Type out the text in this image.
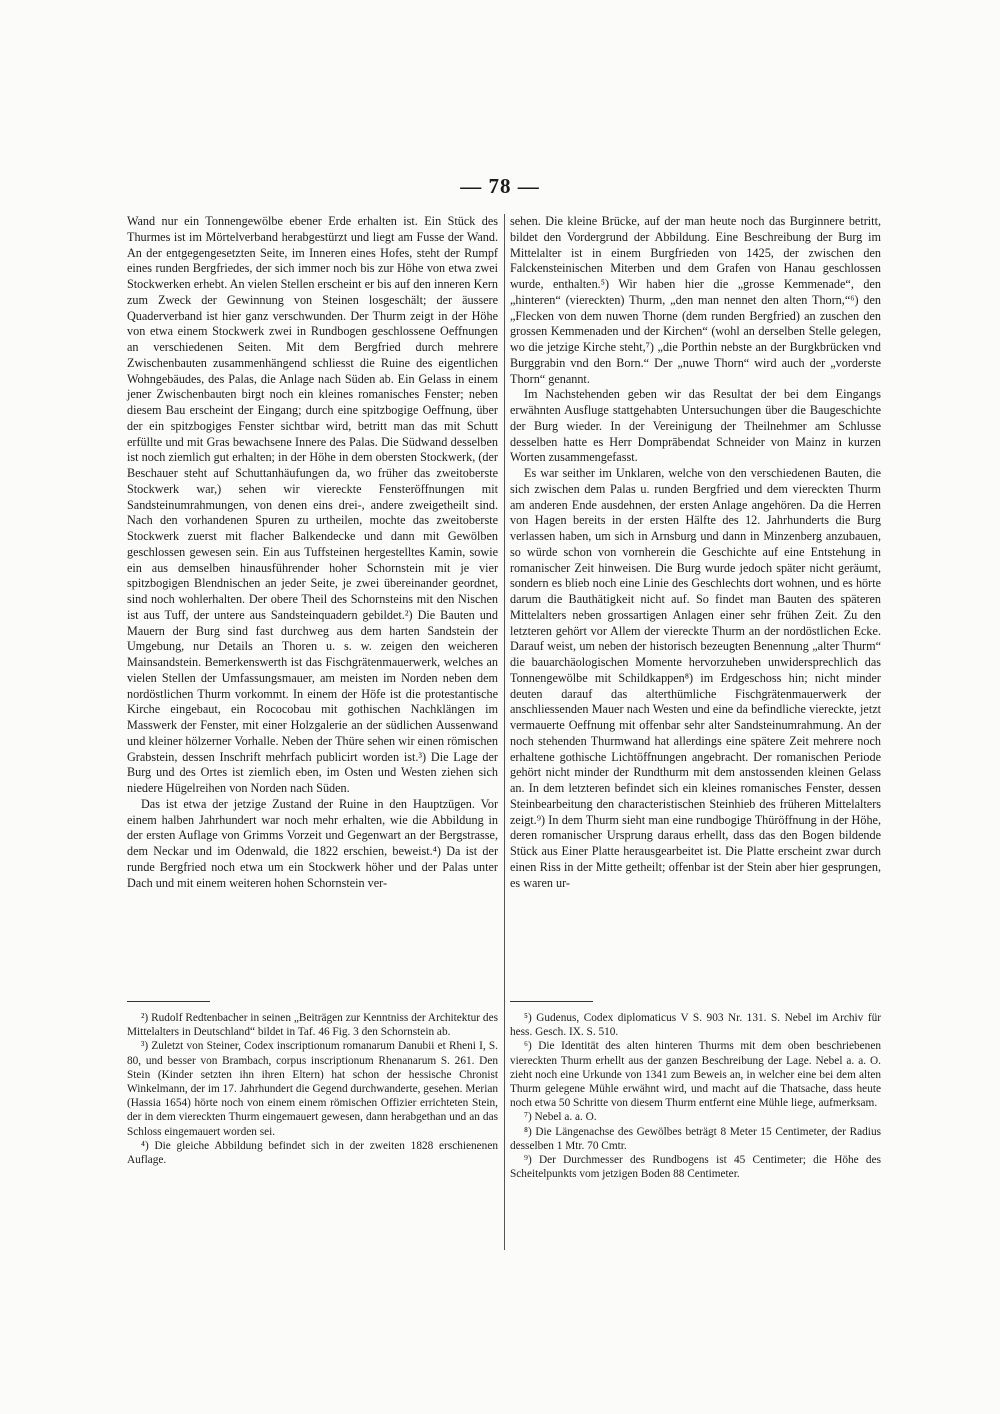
— 78 —

Wand nur ein Tonnengewölbe ebener Erde erhalten ist. Ein Stück des Thurmes ist im Mörtelverband herabgestürzt und liegt am Fusse der Wand. An der entgegengesetzten Seite, im Inneren eines Hofes, steht der Rumpf eines runden Bergfriedes, der sich immer noch bis zur Höhe von etwa zwei Stockwerken erhebt. An vielen Stellen erscheint er bis auf den inneren Kern zum Zweck der Gewinnung von Steinen losgeschält; der äussere Quaderverband ist hier ganz verschwunden. Der Thurm zeigt in der Höhe von etwa einem Stockwerk zwei in Rundbogen geschlossene Oeffnungen an verschiedenen Seiten. Mit dem Bergfried durch mehrere Zwischenbauten zusammenhängend schliesst die Ruine des eigentlichen Wohngebäudes, des Palas, die Anlage nach Süden ab. Ein Gelass in einem jener Zwischenbauten birgt noch ein kleines romanisches Fenster; neben diesem Bau erscheint der Eingang; durch eine spitzbogige Oeffnung, über der ein spitzbogiges Fenster sichtbar wird, betritt man das mit Schutt erfüllte und mit Gras bewachsene Innere des Palas. Die Südwand desselben ist noch ziemlich gut erhalten; in der Höhe in dem obersten Stockwerk, (der Beschauer steht auf Schuttanhäufungen da, wo früher das zweitoberste Stockwerk war,) sehen wir viereckte Fensteröffnungen mit Sandsteinumrahmungen, von denen eins drei-, andere zweigetheilt sind. Nach den vorhandenen Spuren zu urtheilen, mochte das zweitoberste Stockwerk zuerst mit flacher Balkendecke und dann mit Gewölben geschlossen gewesen sein. Ein aus Tuffsteinen hergestelltes Kamin, sowie ein aus demselben hinausführender hoher Schornstein mit je vier spitzbogigen Blendnischen an jeder Seite, je zwei übereinander geordnet, sind noch wohlerhalten. Der obere Theil des Schornsteins mit den Nischen ist aus Tuff, der untere aus Sandsteinquadern gebildet.²) Die Bauten und Mauern der Burg sind fast durchweg aus dem harten Sandstein der Umgebung, nur Details an Thoren u. s. w. zeigen den weicheren Mainsandstein. Bemerkenswerth ist das Fischgrätenmauerwerk, welches an vielen Stellen der Umfassungsmauer, am meisten im Norden neben dem nordöstlichen Thurm vorkommt. In einem der Höfe ist die protestantische Kirche eingebaut, ein Rococobau mit gothischen Nachklängen im Masswerk der Fenster, mit einer Holzgalerie an der südlichen Aussenwand und kleiner hölzerner Vorhalle. Neben der Thüre sehen wir einen römischen Grabstein, dessen Inschrift mehrfach publicirt worden ist.³) Die Lage der Burg und des Ortes ist ziemlich eben, im Osten und Westen ziehen sich niedere Hügelreihen von Norden nach Süden.

Das ist etwa der jetzige Zustand der Ruine in den Hauptzügen. Vor einem halben Jahrhundert war noch mehr erhalten, wie die Abbildung in der ersten Auflage von Grimms Vorzeit und Gegenwart an der Bergstrasse, dem Neckar und im Odenwald, die 1822 erschien, beweist.⁴) Da ist der runde Bergfried noch etwa um ein Stockwerk höher und der Palas unter Dach und mit einem weiteren hohen Schornstein ver-

sehen. Die kleine Brücke, auf der man heute noch das Burginnere betritt, bildet den Vordergrund der Abbildung. Eine Beschreibung der Burg im Mittelalter ist in einem Burgfrieden von 1425, der zwischen den Falckensteinischen Miterben und dem Grafen von Hanau geschlossen wurde, enthalten.⁵) Wir haben hier die „grosse Kemmenade“, den „hinteren“ (viereckten) Thurm, „den man nennet den alten Thorn,“⁶) den „Flecken von dem nuwen Thorne (dem runden Bergfried) an zuschen den grossen Kemmenaden und der Kirchen“ (wohl an derselben Stelle gelegen, wo die jetzige Kirche steht,⁷) „die Porthin nebste an der Burgkbrücken vnd Burggrabin vnd den Born.“ Der „nuwe Thorn“ wird auch der „vorderste Thorn“ genannt.

Im Nachstehenden geben wir das Resultat der bei dem Eingangs erwähnten Ausfluge stattgehabten Untersuchungen über die Baugeschichte der Burg wieder. In der Vereinigung der Theilnehmer am Schlusse desselben hatte es Herr Domprābendat Schneider von Mainz in kurzen Worten zusammengefasst.

Es war seither im Unklaren, welche von den verschiedenen Bauten, die sich zwischen dem Palas u. runden Bergfried und dem viereckten Thurm am anderen Ende ausdehnen, der ersten Anlage angehören. Da die Herren von Hagen bereits in der ersten Hälfte des 12. Jahrhunderts die Burg verlassen haben, um sich in Arnsburg und dann in Minzenberg anzubauen, so würde schon von vornherein die Geschichte auf eine Entstehung in romanischer Zeit hinweisen. Die Burg wurde jedoch später nicht geräumt, sondern es blieb noch eine Linie des Geschlechts dort wohnen, und es hörte darum die Bauthätigkeit nicht auf. So findet man Bauten des späteren Mittelalters neben grossartigen Anlagen einer sehr frühen Zeit. Zu den letzteren gehört vor Allem der viereckte Thurm an der nordöstlichen Ecke. Darauf weist, um neben der historisch bezeugten Benennung „alter Thurm“ die bauarchäologischen Momente hervorzuheben unwidersprechlich das Tonnengewölbe mit Schildkappen⁸) im Erdgeschoss hin; nicht minder deuten darauf das alterthümliche Fischgrätenmauerwerk der anschliessenden Mauer nach Westen und eine da befindliche viereckte, jetzt vermauerte Oeffnung mit offenbar sehr alter Sandsteinumrahmung. An der noch stehenden Thurmwand hat allerdings eine spätere Zeit mehrere noch erhaltene gothische Lichtöffnungen angebracht. Der romanischen Periode gehört nicht minder der Rundthurm mit dem anstossenden kleinen Gelass an. In dem letzteren befindet sich ein kleines romanisches Fenster, dessen Steinbearbeitung den characteristischen Steinhieb des früheren Mittelalters zeigt.⁹) In dem Thurm sieht man eine rundbogige Thüröffnung in der Höhe, deren romanischer Ursprung daraus erhellt, dass das den Bogen bildende Stück aus Einer Platte herausgearbeitet ist. Die Platte erscheint zwar durch einen Riss in der Mitte getheilt; offenbar ist der Stein aber hier gesprungen, es waren ur-

²) Rudolf Redtenbacher in seinen „Beiträgen zur Kenntniss der Architektur des Mittelalters in Deutschland“ bildet in Taf. 46 Fig. 3 den Schornstein ab.

³) Zuletzt von Steiner, Codex inscriptionum romanarum Danubii et Rheni I, S. 80, und besser von Brambach, corpus inscriptionum Rhenanarum S. 261. Den Stein (Kinder setzten ihn ihren Eltern) hat schon der hessische Chronist Winkelmann, der im 17. Jahrhundert die Gegend durchwanderte, gesehen. Merian (Hassia 1654) hörte noch von einem einem römischen Offizier errichteten Stein, der in dem viereckten Thurm eingemauert gewesen, dann herabgethan und an das Schloss eingemauert worden sei.

⁴) Die gleiche Abbildung befindet sich in der zweiten 1828 erschienenen Auflage.

⁵) Gudenus, Codex diplomaticus V S. 903 Nr. 131. S. Nebel im Archiv für hess. Gesch. IX. S. 510.

⁶) Die Identität des alten hinteren Thurms mit dem oben beschriebenen viereckten Thurm erhellt aus der ganzen Beschreibung der Lage. Nebel a. a. O. zieht noch eine Urkunde von 1341 zum Beweis an, in welcher eine bei dem alten Thurm gelegene Mühle erwähnt wird, und macht auf die Thatsache, dass heute noch etwa 50 Schritte von diesem Thurm entfernt eine Mühle liege, aufmerksam.

⁷) Nebel a. a. O.

⁸) Die Längenachse des Gewölbes beträgt 8 Meter 15 Centimeter, der Radius desselben 1 Mtr. 70 Cmtr.

⁹) Der Durchmesser des Rundbogens ist 45 Centimeter; die Höhe des Scheitelpunkts vom jetzigen Boden 88 Centimeter.
